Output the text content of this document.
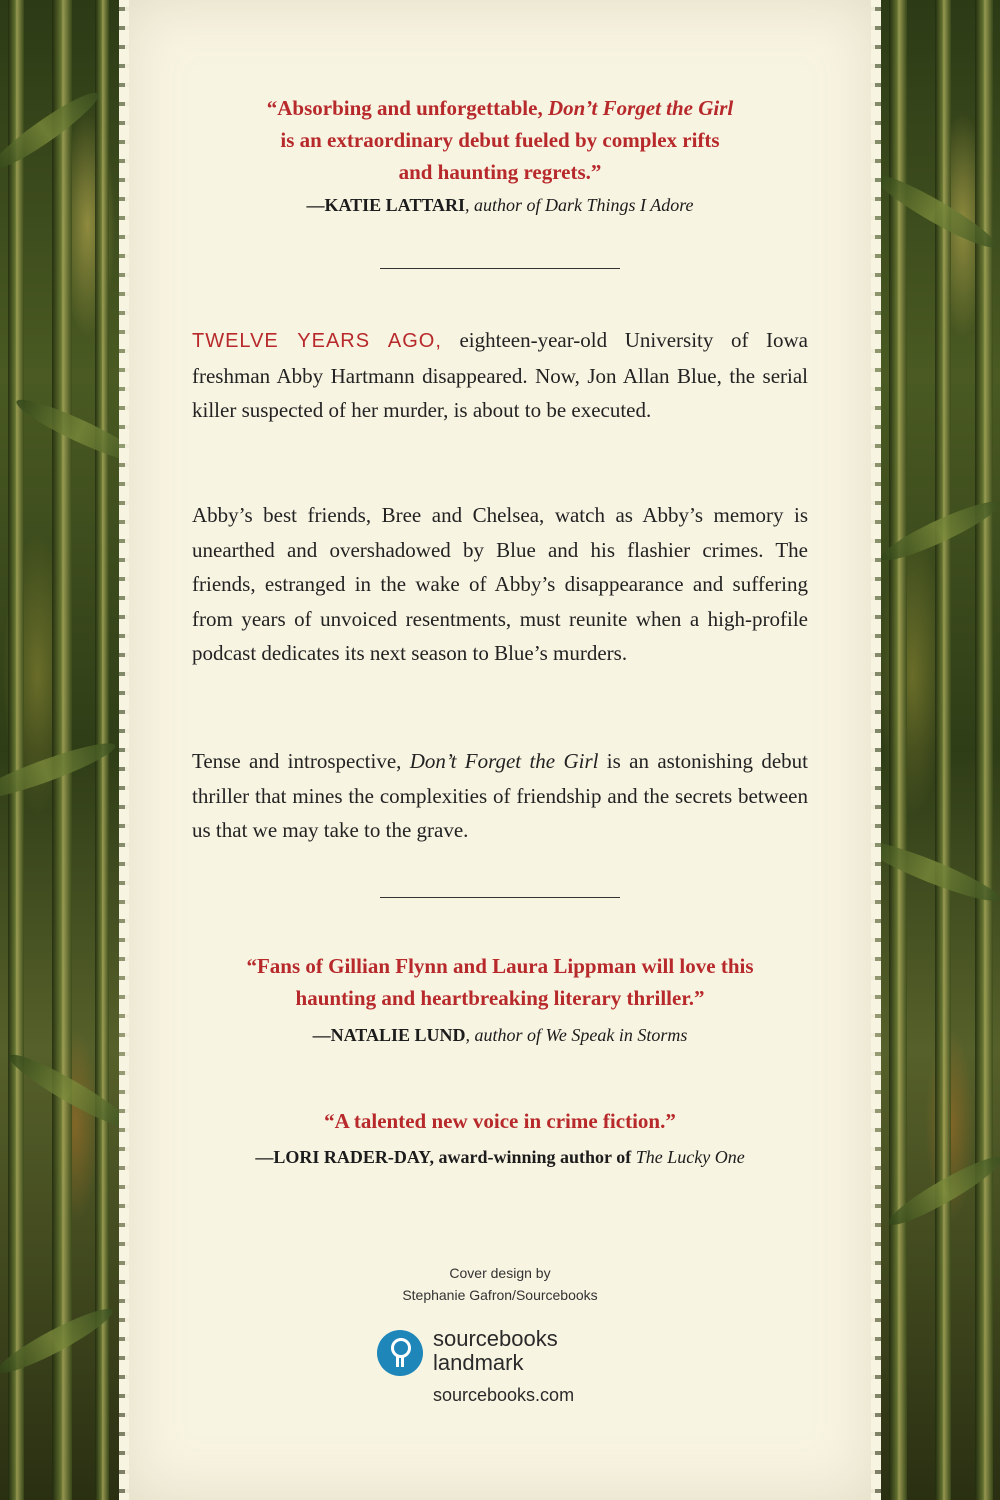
“Absorbing and unforgettable, Don’t Forget the Girl
is an extraordinary debut fueled by complex rifts
and haunting regrets.”
—KATIE LATTARI, author of Dark Things I Adore
TWELVE YEARS AGO, eighteen-year-old University of Iowa freshman Abby Hartmann disappeared. Now, Jon Allan Blue, the serial killer suspected of her murder, is about to be executed.
Abby’s best friends, Bree and Chelsea, watch as Abby’s memory is unearthed and overshadowed by Blue and his flashier crimes. The friends, estranged in the wake of Abby’s disappearance and suffering from years of unvoiced resentments, must reunite when a high-profile podcast dedicates its next season to Blue’s murders.
Tense and introspective, Don’t Forget the Girl is an astonishing debut thriller that mines the complexities of friendship and the secrets between us that we may take to the grave.
“Fans of Gillian Flynn and Laura Lippman will love this
haunting and heartbreaking literary thriller.”
—NATALIE LUND, author of We Speak in Storms
“A talented new voice in crime fiction.”
—LORI RADER-DAY, award-winning author of The Lucky One
Cover design by
Stephanie Gafron/Sourcebooks
sourcebooks
landmark
sourcebooks.com
